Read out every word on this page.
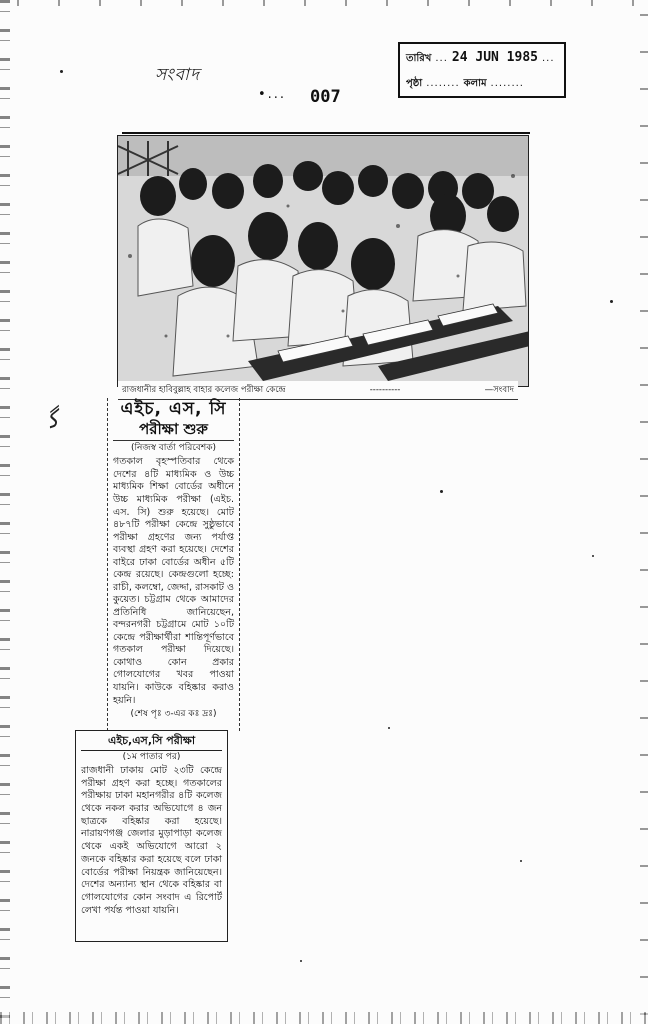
সংবাদ
•... 007
ﮔ
তারিখ ... 24 JUN 1985 ...
পৃষ্ঠা ........ কলাম ........
রাজধানীর হাবিবুল্লাহ বাহার কলেজ পরীক্ষা কেন্দ্রে	----------	—সংবাদ
এইচ, এস, সি
পরীক্ষা শুরু
(নিজস্ব বার্তা পরিবেশক)
গতকাল বৃহস্পতিবার থেকে দেশের ৪টি মাধ্যমিক ও উচ্চ মাধ্যমিক শিক্ষা বোর্ডের অধীনে উচ্চ মাধ্যমিক পরীক্ষা (এইচ. এস. সি) শুরু হয়েছে। মোট ৪৮৭টি পরীক্ষা কেন্দ্রে সুষ্ঠুভাবে পরীক্ষা গ্রহণের জন্য পর্যাপ্ত ব্যবস্থা গ্রহণ করা হয়েছে। দেশের বাইরে ঢাকা বোর্ডের অধীন ৫টি কেন্দ্র রয়েছে। কেন্দ্রগুলো হচ্ছে: রাচী, কলম্বো, জেদ্দা, রাসকাট ও কুয়েত। চট্টগ্রাম থেকে আমাদের প্রতিনিধি জানিয়েছেন, বন্দরনগরী চট্টগ্রামে মোট ১০টি কেন্দ্রে পরীক্ষার্থীরা শান্তিপূর্ণভাবে গতকাল পরীক্ষা দিয়েছে। কোথাও কোন প্রকার গোলযোগের খবর পাওয়া যায়নি। কাউকে বহিষ্কার করাও হয়নি।
(শেষ পৃঃ ৩-এর কঃ দ্রঃ)
এইচ,এস,সি পরীক্ষা
(১ম পাতার পর)
রাজধানী ঢাকায় মোট ২৩টি কেন্দ্রে পরীক্ষা গ্রহণ করা হচ্ছে। গতকালের পরীক্ষায় ঢাকা মহানগরীর ৪টি কলেজ থেকে নকল করার অভিযোগে ৪ জন ছাত্রকে বহিষ্কার করা হয়েছে। নারায়ণগঞ্জ জেলার মুড়াপাড়া কলেজ থেকে একই অভিযোগে আরো ২ জনকে বহিষ্কার করা হয়েছে বলে ঢাকা বোর্ডের পরীক্ষা নিয়ন্ত্রক জানিয়েছেন। দেশের অন্যান্য স্থান থেকে বহিষ্কার বা গোলযোগের কোন সংবাদ এ রিপোর্ট লেখা পর্যন্ত পাওয়া যায়নি।
